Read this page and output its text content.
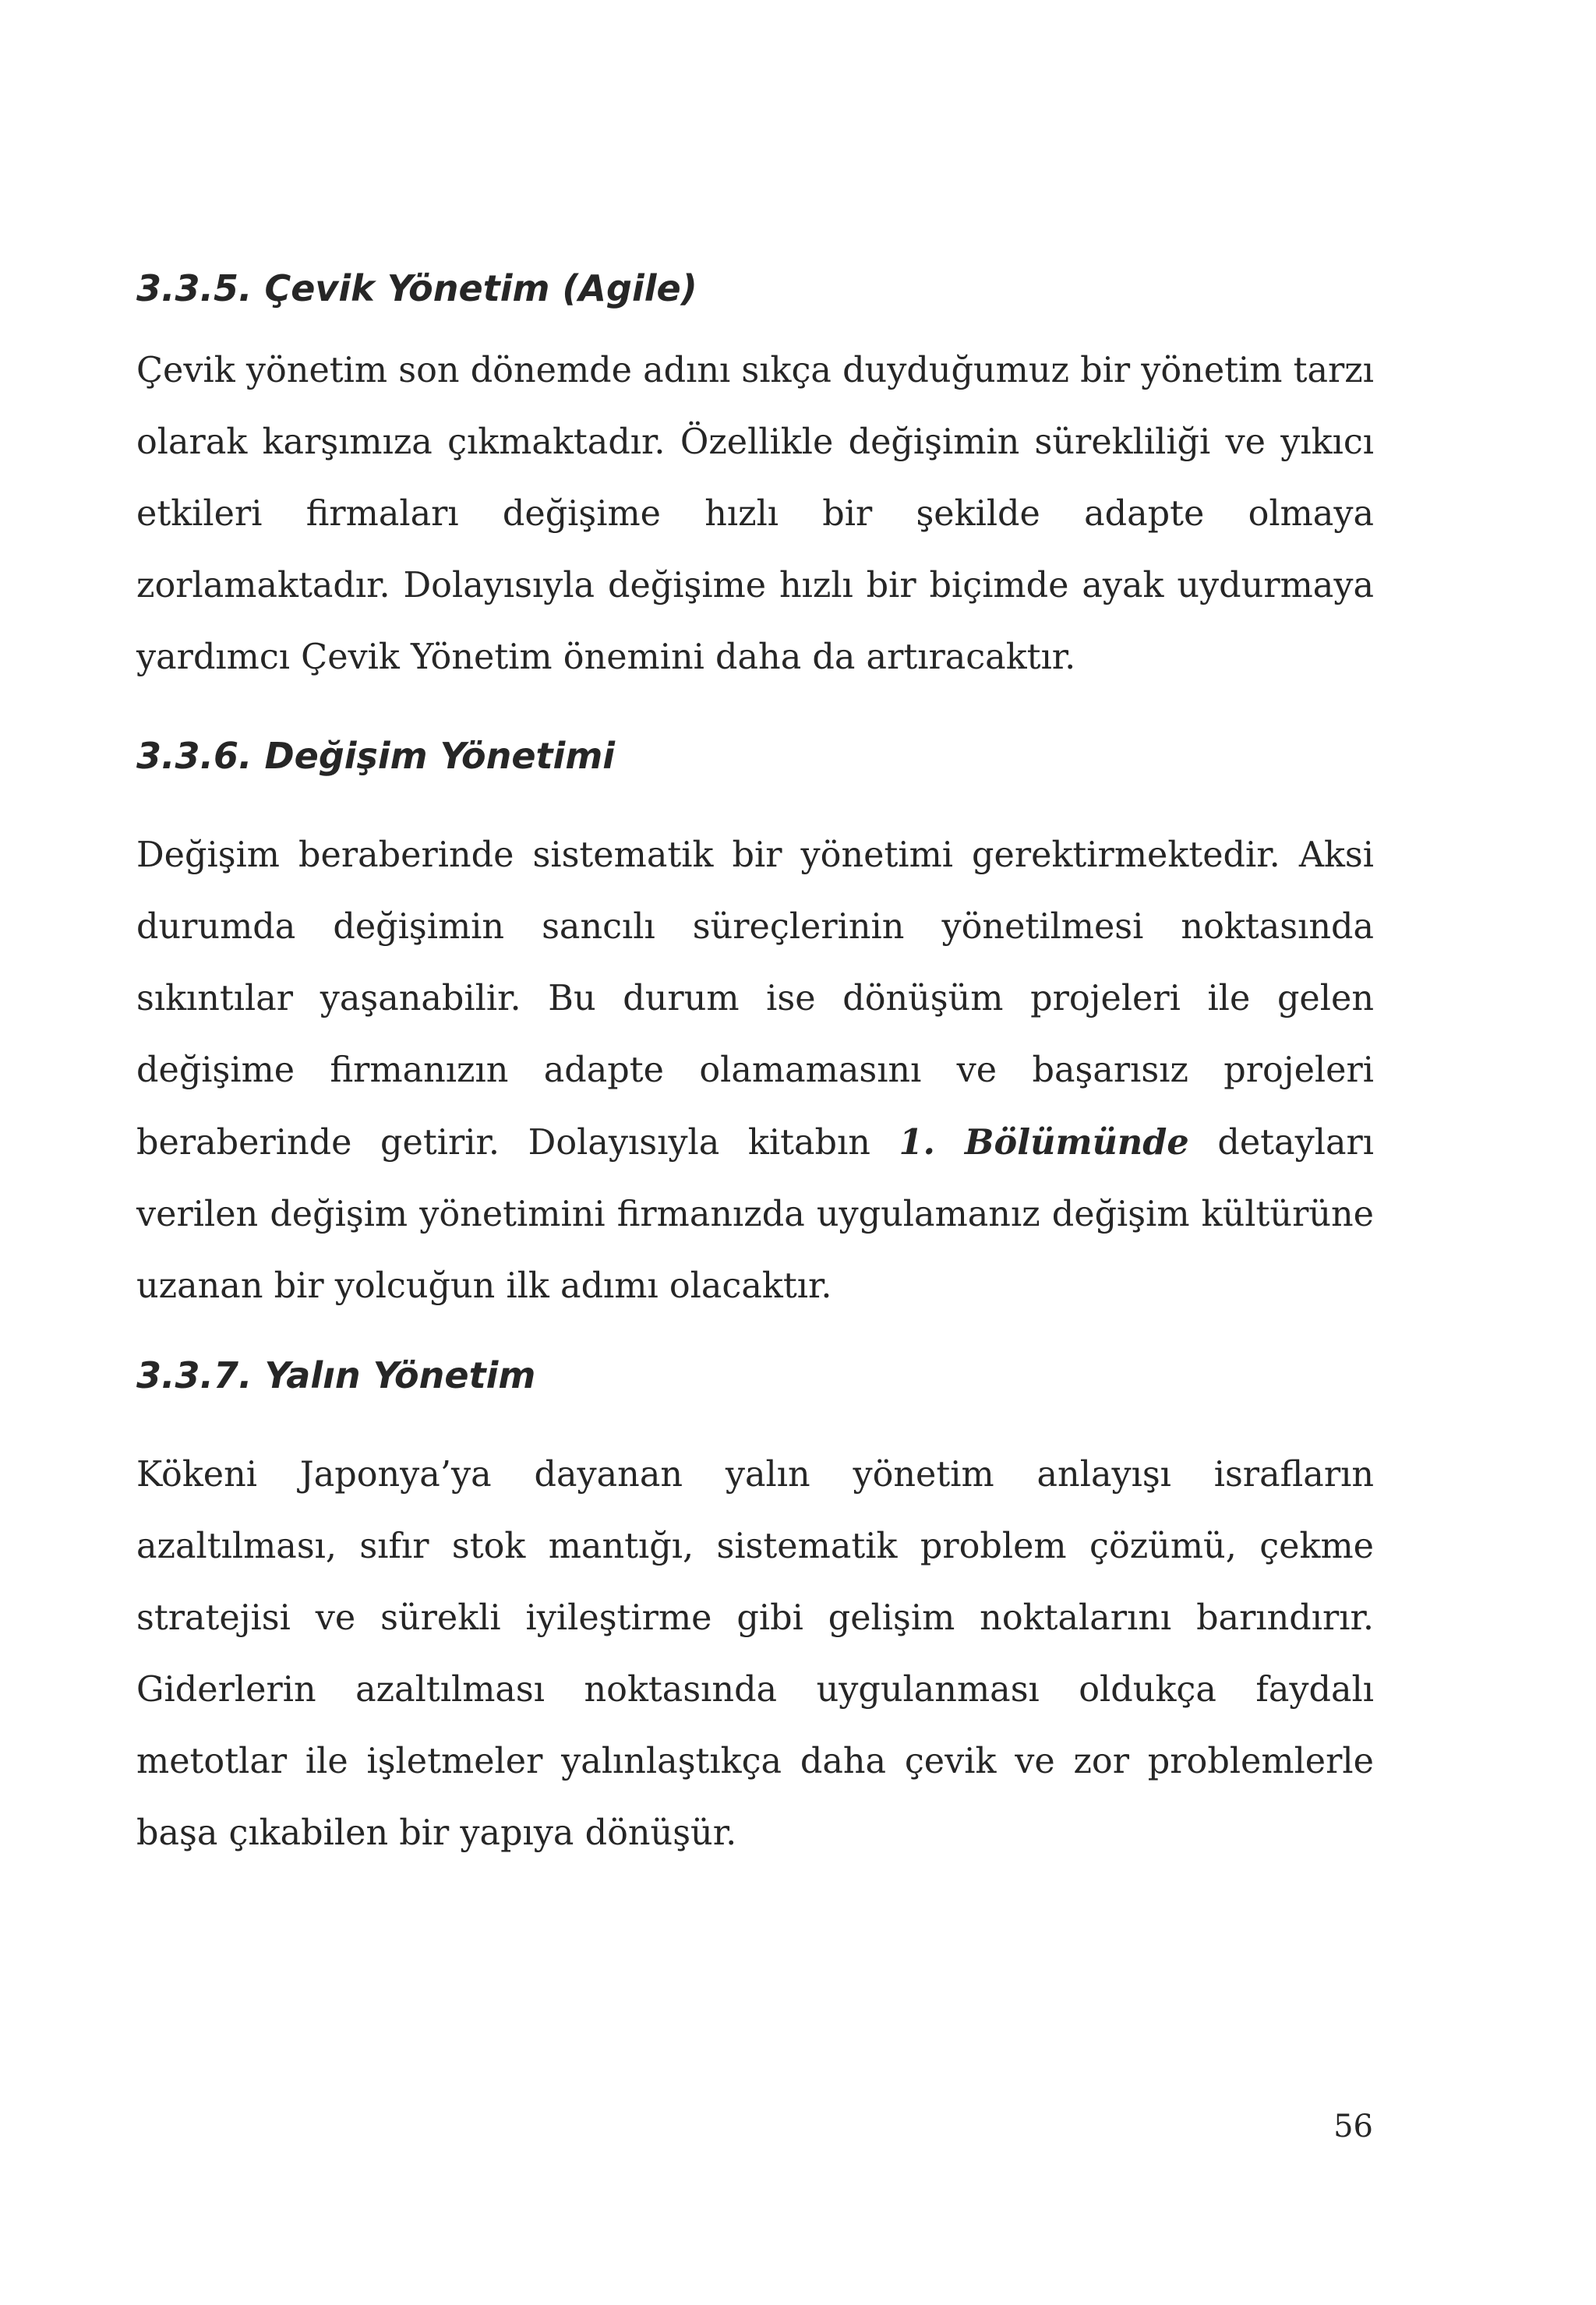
3.3.5. Çevik Yönetim (Agile)

Çevik yönetim son dönemde adını sıkça duyduğumuz bir yönetim tarzı olarak karşımıza çıkmaktadır. Özellikle değişimin sürekliliği ve yıkıcı etkileri firmaları değişime hızlı bir şekilde adapte olmaya zorlamaktadır. Dolayısıyla değişime hızlı bir biçimde ayak uydurmaya yardımcı Çevik Yönetim önemini daha da artıracaktır.

3.3.6. Değişim Yönetimi

Değişim beraberinde sistematik bir yönetimi gerektirmektedir. Aksi durumda değişimin sancılı süreçlerinin yönetilmesi noktasında sıkıntılar yaşanabilir. Bu durum ise dönüşüm projeleri ile gelen değişime firmanızın adapte olamamasını ve başarısız projeleri beraberinde getirir. Dolayısıyla kitabın 1. Bölümünde detayları verilen değişim yönetimini firmanızda uygulamanız değişim kültürüne uzanan bir yolcuğun ilk adımı olacaktır.

3.3.7. Yalın Yönetim

Kökeni Japonya’ya dayanan yalın yönetim anlayışı israfların azaltılması, sıfır stok mantığı, sistematik problem çözümü, çekme stratejisi ve sürekli iyileştirme gibi gelişim noktalarını barındırır. Giderlerin azaltılması noktasında uygulanması oldukça faydalı metotlar ile işletmeler yalınlaştıkça daha çevik ve zor problemlerle başa çıkabilen bir yapıya dönüşür.

56
